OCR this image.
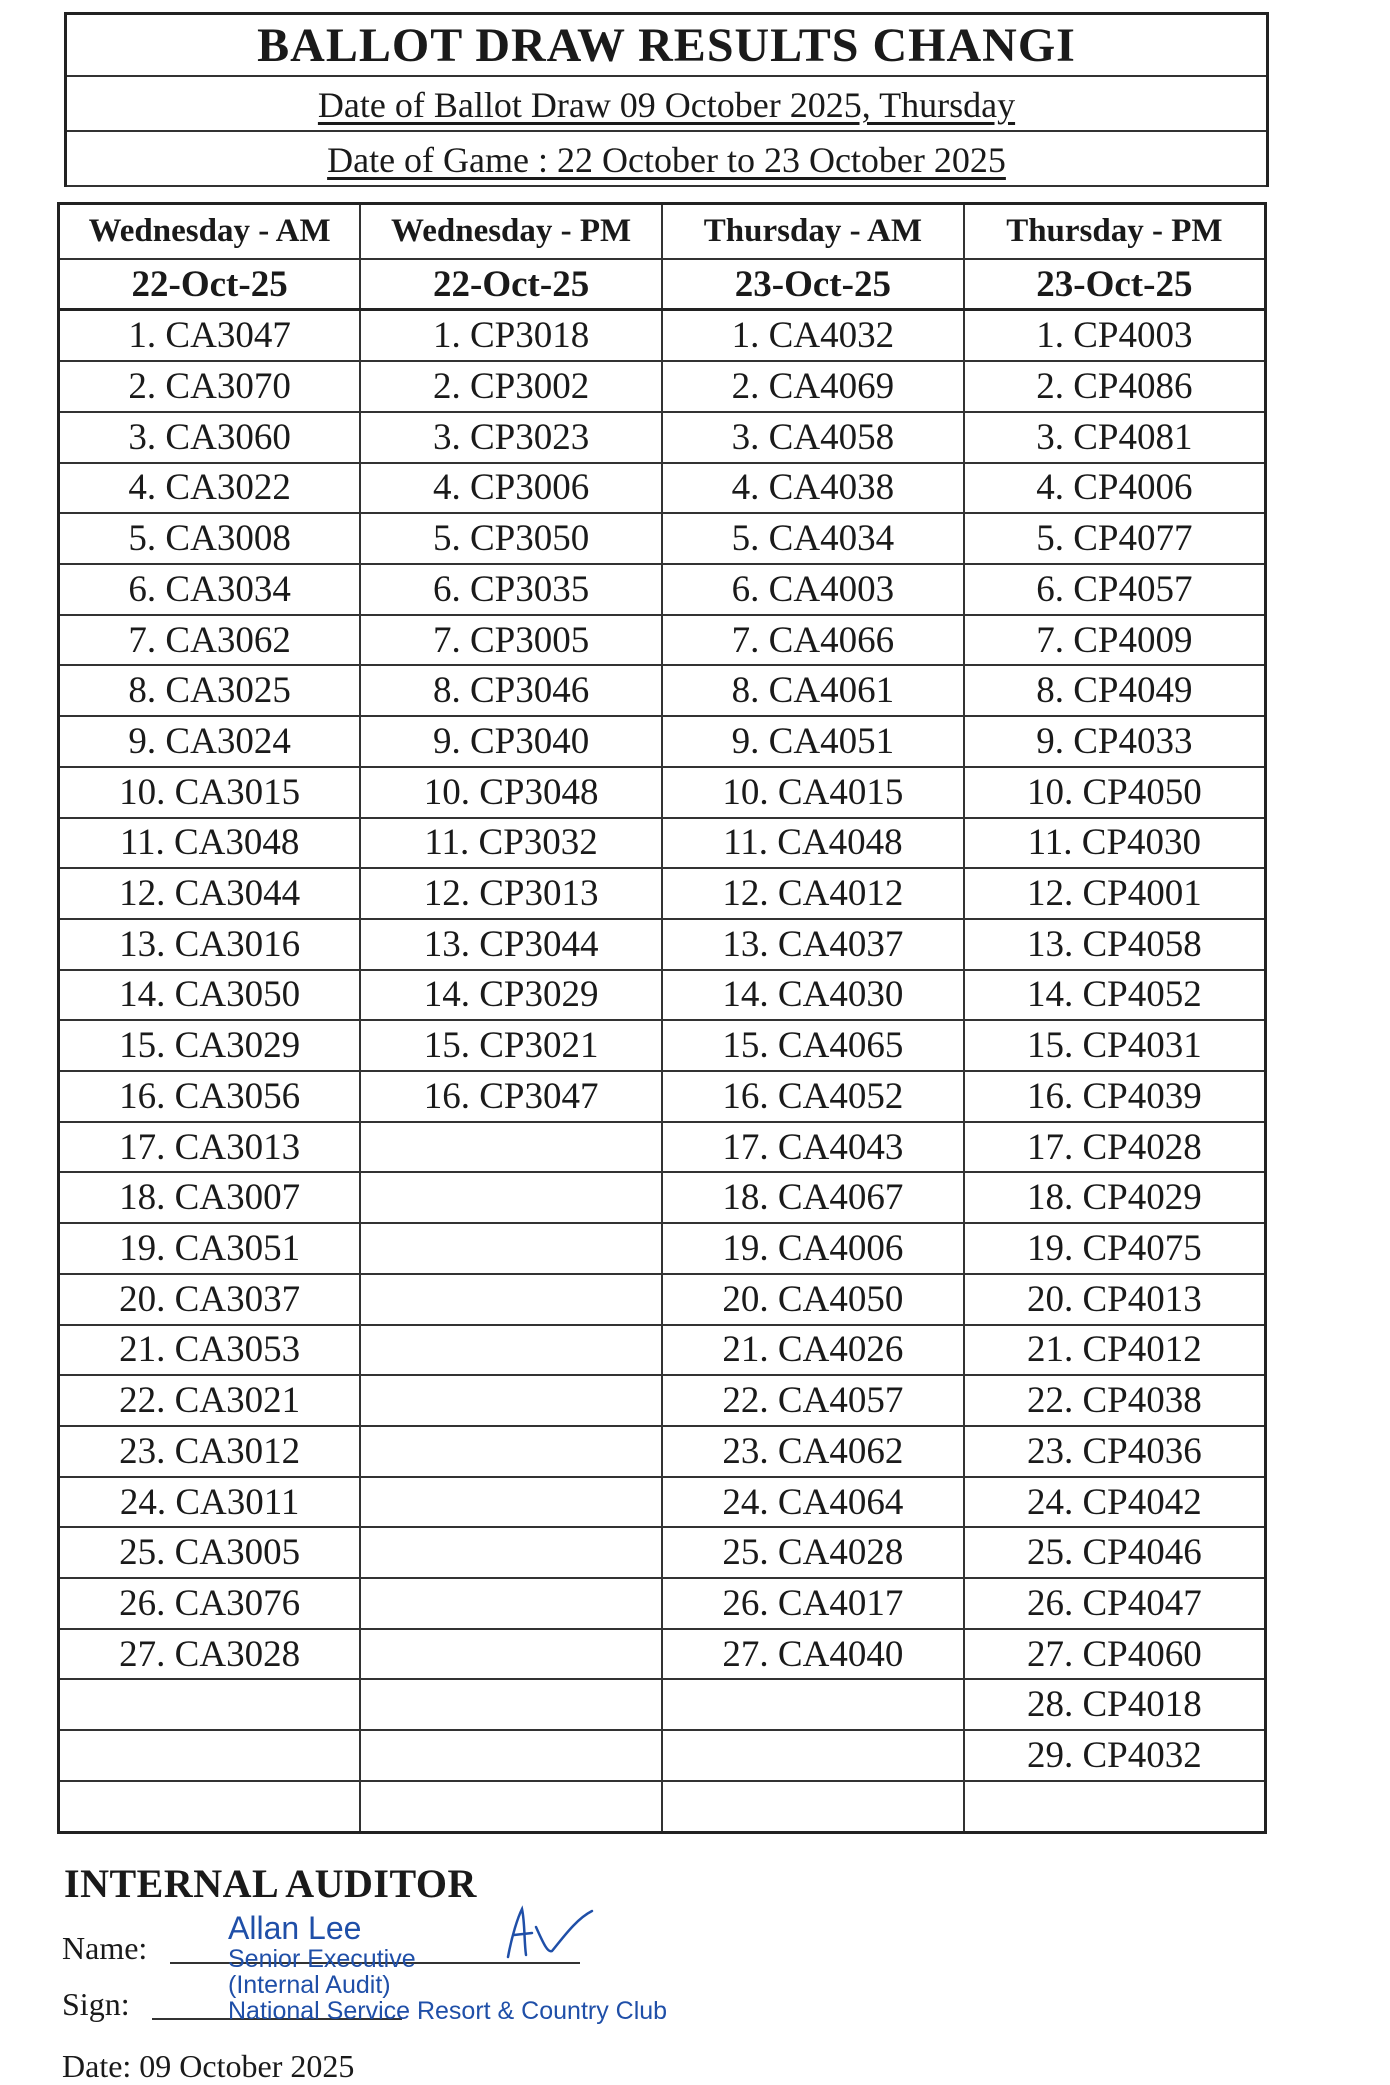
BALLOT DRAW RESULTS CHANGI
Date of Ballot Draw 09 October 2025, Thursday
Date of Game : 22 October to 23 October 2025
Wednesday - AM	Wednesday - PM	Thursday - AM	Thursday - PM
22-Oct-25	22-Oct-25	23-Oct-25	23-Oct-25
1. CA3047	1. CP3018	1. CA4032	1. CP4003
2. CA3070	2. CP3002	2. CA4069	2. CP4086
3. CA3060	3. CP3023	3. CA4058	3. CP4081
4. CA3022	4. CP3006	4. CA4038	4. CP4006
5. CA3008	5. CP3050	5. CA4034	5. CP4077
6. CA3034	6. CP3035	6. CA4003	6. CP4057
7. CA3062	7. CP3005	7. CA4066	7. CP4009
8. CA3025	8. CP3046	8. CA4061	8. CP4049
9. CA3024	9. CP3040	9. CA4051	9. CP4033
10. CA3015	10. CP3048	10. CA4015	10. CP4050
11. CA3048	11. CP3032	11. CA4048	11. CP4030
12. CA3044	12. CP3013	12. CA4012	12. CP4001
13. CA3016	13. CP3044	13. CA4037	13. CP4058
14. CA3050	14. CP3029	14. CA4030	14. CP4052
15. CA3029	15. CP3021	15. CA4065	15. CP4031
16. CA3056	16. CP3047	16. CA4052	16. CP4039
17. CA3013		17. CA4043	17. CP4028
18. CA3007		18. CA4067	18. CP4029
19. CA3051		19. CA4006	19. CP4075
20. CA3037		20. CA4050	20. CP4013
21. CA3053		21. CA4026	21. CP4012
22. CA3021		22. CA4057	22. CP4038
23. CA3012		23. CA4062	23. CP4036
24. CA3011		24. CA4064	24. CP4042
25. CA3005		25. CA4028	25. CP4046
26. CA3076		26. CA4017	26. CP4047
27. CA3028		27. CA4040	27. CP4060
			28. CP4018
			29. CP4032

INTERNAL AUDITOR
Name:
Sign:
Allan Lee
Senior Executive
(Internal Audit)
National Service Resort & Country Club
Date: 09 October 2025
